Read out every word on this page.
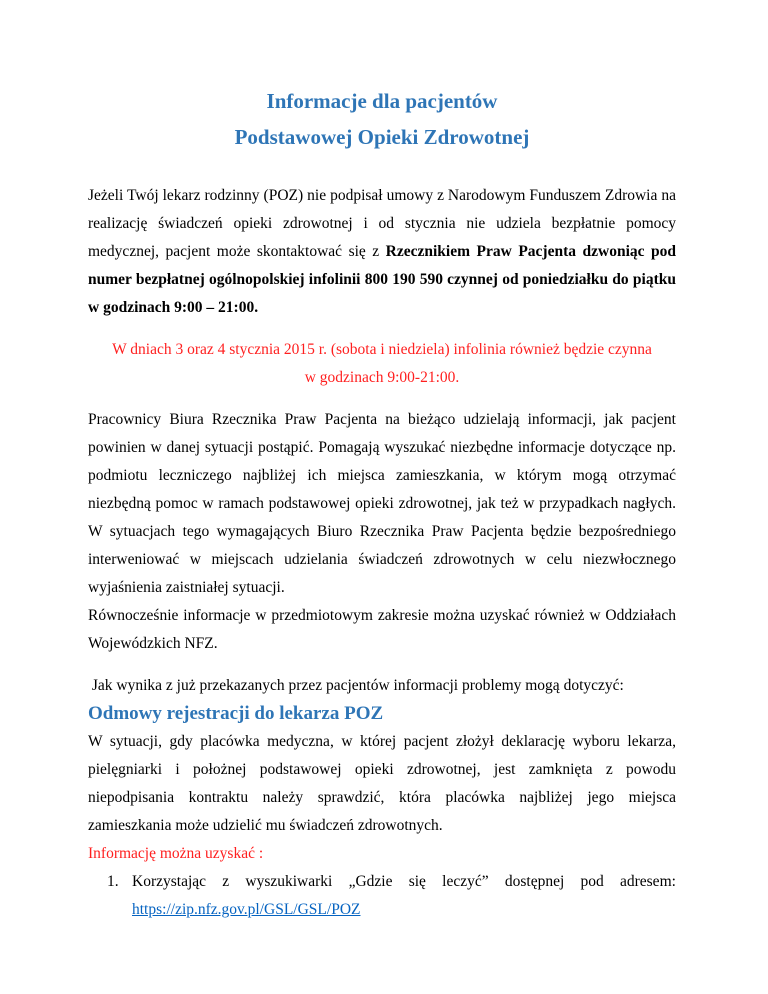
Informacje dla pacjentów

Podstawowej Opieki Zdrowotnej

Jeżeli Twój lekarz rodzinny (POZ) nie podpisał umowy z Narodowym Funduszem Zdrowia na realizację świadczeń opieki zdrowotnej i od stycznia nie udziela bezpłatnie pomocy medycznej, pacjent może skontaktować się z Rzecznikiem Praw Pacjenta dzwoniąc pod numer bezpłatnej ogólnopolskiej infolinii 800 190 590 czynnej od poniedziałku do piątku w godzinach 9:00 – 21:00.

W dniach 3 oraz 4 stycznia 2015 r. (sobota i niedziela) infolinia również będzie czynna

w godzinach 9:00-21:00.

Pracownicy Biura Rzecznika Praw Pacjenta na bieżąco udzielają informacji, jak pacjent powinien w danej sytuacji postąpić. Pomagają wyszukać niezbędne informacje dotyczące np. podmiotu leczniczego najbliżej ich miejsca zamieszkania, w którym mogą otrzymać niezbędną pomoc w ramach podstawowej opieki zdrowotnej, jak też w przypadkach nagłych. W sytuacjach tego wymagających Biuro Rzecznika Praw Pacjenta będzie bezpośredniego interweniować w miejscach udzielania świadczeń zdrowotnych w celu niezwłocznego wyjaśnienia zaistniałej sytuacji.

Równocześnie informacje w przedmiotowym zakresie można uzyskać również w Oddziałach Wojewódzkich NFZ.

Jak wynika z już przekazanych przez pacjentów informacji problemy mogą dotyczyć:

Odmowy rejestracji do lekarza POZ

W sytuacji, gdy placówka medyczna, w której pacjent złożył deklarację wyboru lekarza, pielęgniarki i położnej podstawowej opieki zdrowotnej, jest zamknięta z powodu niepodpisania kontraktu należy sprawdzić, która placówka najbliżej jego miejsca zamieszkania może udzielić mu świadczeń zdrowotnych.

Informację można uzyskać :

1. Korzystając z wyszukiwarki „Gdzie się leczyć” dostępnej pod adresem:
https://zip.nfz.gov.pl/GSL/GSL/POZ
